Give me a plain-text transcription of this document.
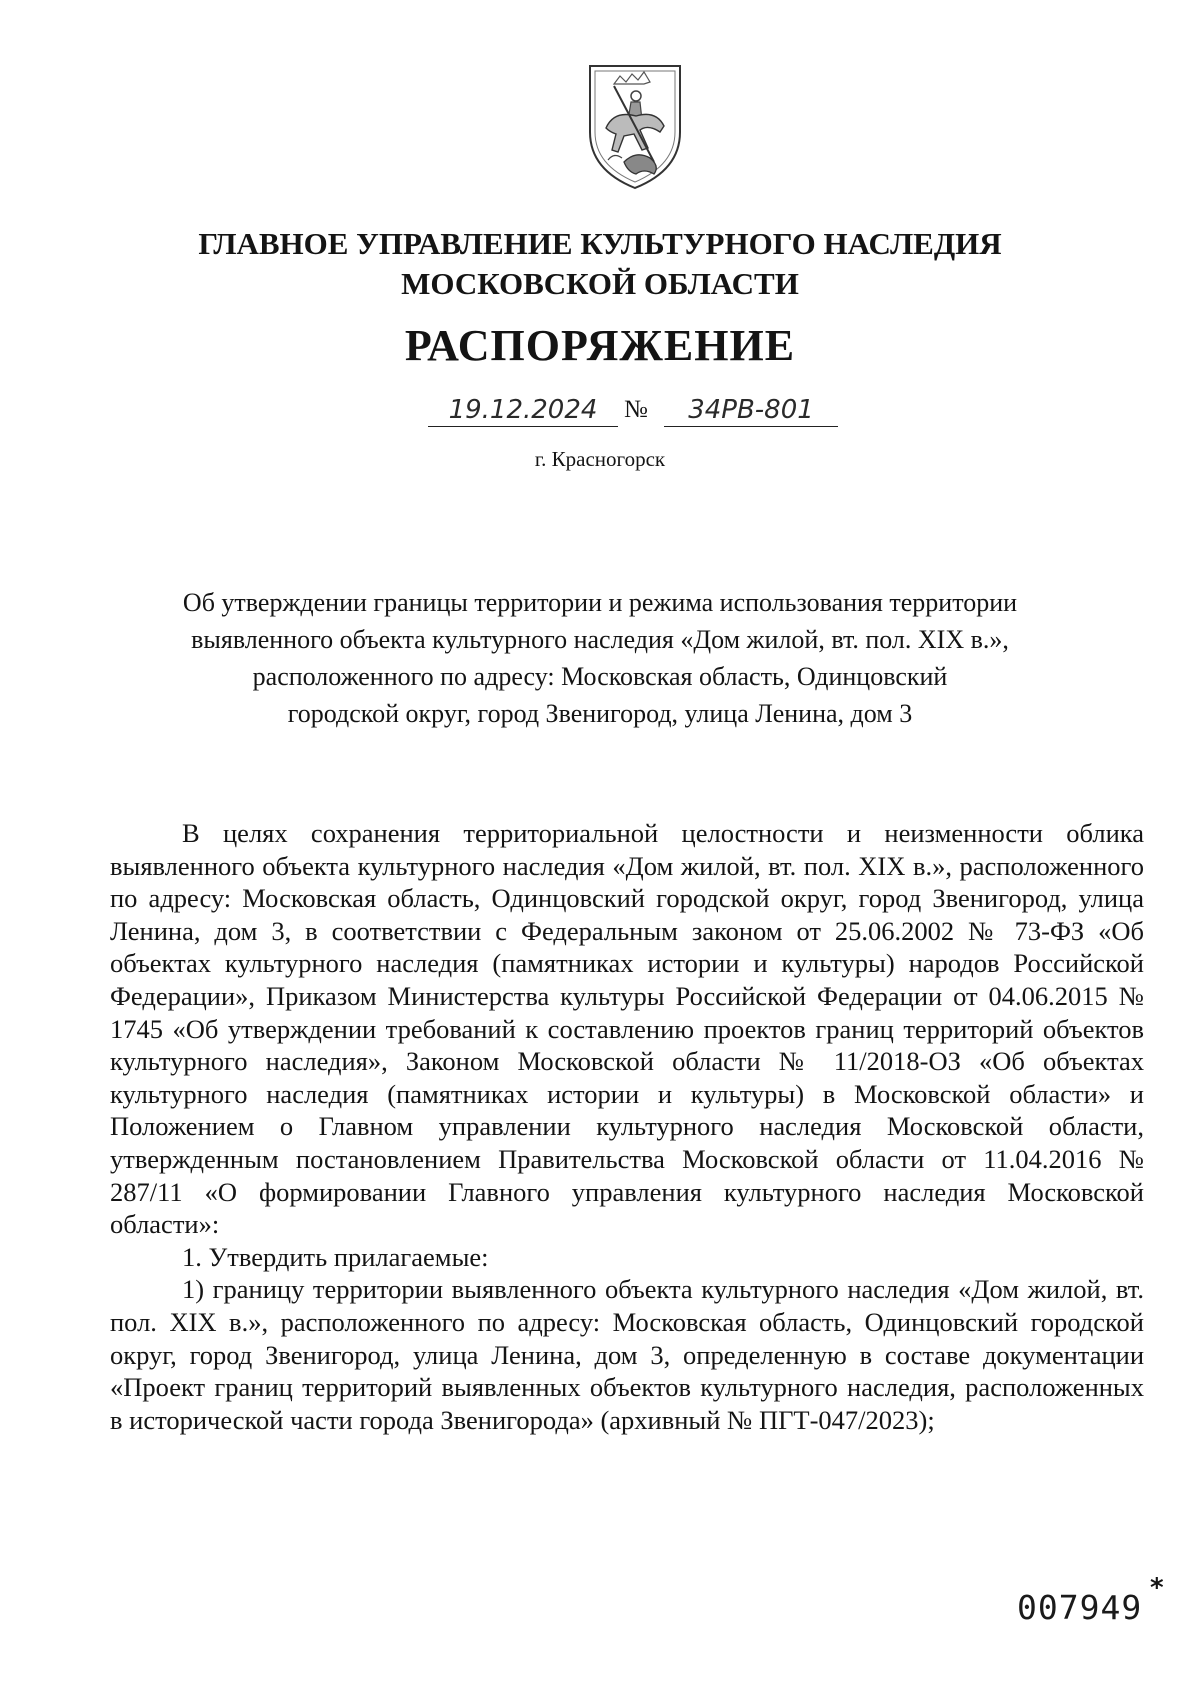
ГЛАВНОЕ УПРАВЛЕНИЕ КУЛЬТУРНОГО НАСЛЕДИЯ
МОСКОВСКОЙ ОБЛАСТИ
РАСПОРЯЖЕНИЕ
19.12.2024	№	34РВ-801
г. Красногорск
Об утверждении границы территории и режима использования территории
выявленного объекта культурного наследия «Дом жилой, вт. пол. XIX в.»,
расположенного по адресу: Московская область, Одинцовский
городской округ, город Звенигород, улица Ленина, дом 3

В целях сохранения территориальной целостности и неизменности облика выявленного объекта культурного наследия «Дом жилой, вт. пол. XIX в.», расположенного по адресу: Московская область, Одинцовский городской округ, город Звенигород, улица Ленина, дом 3, в соответствии с Федеральным законом от 25.06.2002 № 73-ФЗ «Об объектах культурного наследия (памятниках истории и культуры) народов Российской Федерации», Приказом Министерства культуры Российской Федерации от 04.06.2015 № 1745 «Об утверждении требований к составлению проектов границ территорий объектов культурного наследия», Законом Московской области № 11/2018-ОЗ «Об объектах культурного наследия (памятниках истории и культуры) в Московской области» и Положением о Главном управлении культурного наследия Московской области, утвержденным постановлением Правительства Московской области от 11.04.2016 № 287/11 «О формировании Главного управления культурного наследия Московской области»:

1. Утвердить прилагаемые:

1) границу территории выявленного объекта культурного наследия «Дом жилой, вт. пол. XIX в.», расположенного по адресу: Московская область, Одинцовский городской округ, город Звенигород, улица Ленина, дом 3, определенную в составе документации «Проект границ территорий выявленных объектов культурного наследия, расположенных в исторической части города Звенигорода» (архивный № ПГТ-047/2023);

007949 *
